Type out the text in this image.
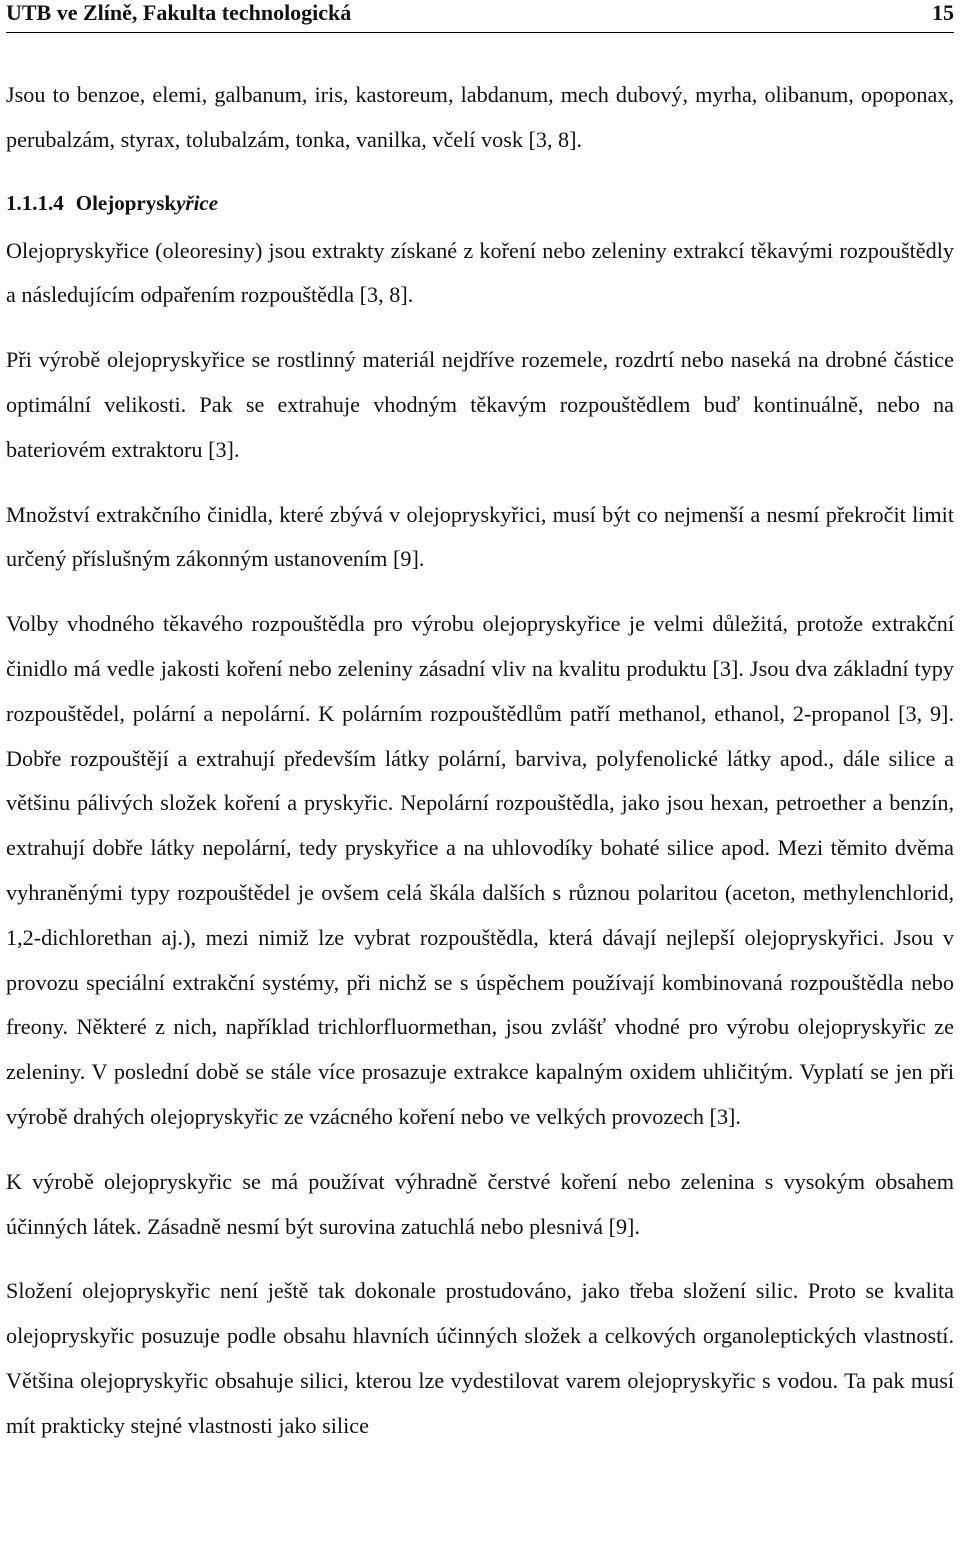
UTB ve Zlíně, Fakulta technologická	15

Jsou to benzoe, elemi, galbanum, iris, kastoreum, labdanum, mech dubový, myrha, olibanum, opoponax, perubalzám, styrax, tolubalzám, tonka, vanilka, včelí vosk [3, 8].

1.1.1.4 Olejopryskyřice

Olejopryskyřice (oleoresiny) jsou extrakty získané z koření nebo zeleniny extrakcí těkavými rozpouštědly a následujícím odpařením rozpouštědla [3, 8].

Při výrobě olejopryskyřice se rostlinný materiál nejdříve rozemele, rozdrtí nebo naseká na drobné částice optimální velikosti. Pak se extrahuje vhodným těkavým rozpouštědlem buď kontinuálně, nebo na bateriovém extraktoru [3].

Množství extrakčního činidla, které zbývá v olejopryskyřici, musí být co nejmenší a nesmí překročit limit určený příslušným zákonným ustanovením [9].

Volby vhodného těkavého rozpouštědla pro výrobu olejopryskyřice je velmi důležitá, protože extrakční činidlo má vedle jakosti koření nebo zeleniny zásadní vliv na kvalitu produktu [3]. Jsou dva základní typy rozpouštědel, polární a nepolární. K polárním rozpouštědlům patří methanol, ethanol, 2-propanol [3, 9]. Dobře rozpouštějí a extrahují především látky polární, barviva, polyfenolické látky apod., dále silice a většinu pálivých složek koření a pryskyřic. Nepolární rozpouštědla, jako jsou hexan, petroether a benzín, extrahují dobře látky nepolární, tedy pryskyřice a na uhlovodíky bohaté silice apod. Mezi těmito dvěma vyhraněnými typy rozpouštědel je ovšem celá škála dalších s různou polaritou (aceton, methylenchlorid, 1,2-dichlorethan aj.), mezi nimiž lze vybrat rozpouštědla, která dávají nejlepší olejopryskyřici. Jsou v provozu speciální extrakční systémy, při nichž se s úspěchem používají kombinovaná rozpouštědla nebo freony. Některé z nich, například trichlorfluormethan, jsou zvlášť vhodné pro výrobu olejopryskyřic ze zeleniny. V poslední době se stále více prosazuje extrakce kapalným oxidem uhličitým. Vyplatí se jen při výrobě drahých olejopryskyřic ze vzácného koření nebo ve velkých provozech [3].

K výrobě olejopryskyřic se má používat výhradně čerstvé koření nebo zelenina s vysokým obsahem účinných látek. Zásadně nesmí být surovina zatuchlá nebo plesnivá [9].

Složení olejopryskyřic není ještě tak dokonale prostudováno, jako třeba složení silic. Proto se kvalita olejopryskyřic posuzuje podle obsahu hlavních účinných složek a celkových organoleptických vlastností. Většina olejopryskyřic obsahuje silici, kterou lze vydestilovat varem olejopryskyřic s vodou. Ta pak musí mít prakticky stejné vlastnosti jako silice
